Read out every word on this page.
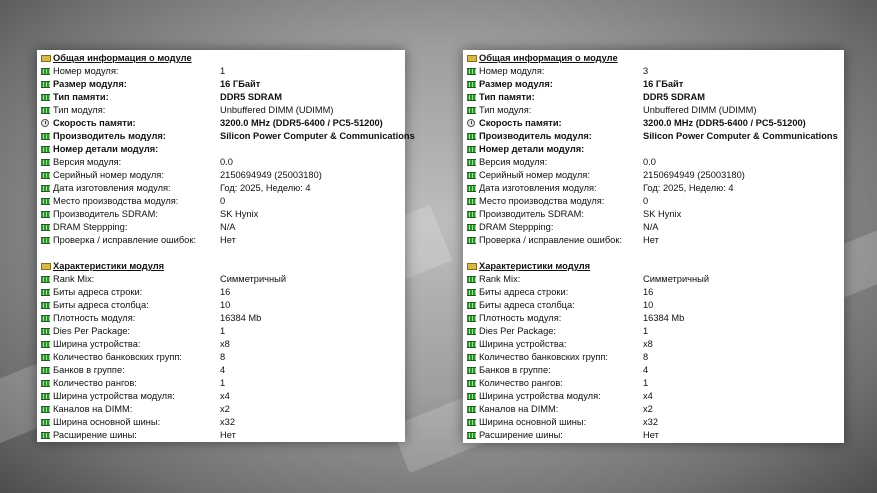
Общая информация о модуле
Номер модуля:	1
Размер модуля:	16 ГБайт
Тип памяти:	DDR5 SDRAM
Тип модуля:	Unbuffered DIMM (UDIMM)
Скорость памяти:	3200.0 MHz (DDR5-6400 / PC5-51200)
Производитель модуля:	Silicon Power Computer & Communications
Номер детали модуля:
Версия модуля:	0.0
Серийный номер модуля:	2150694949 (25003180)
Дата изготовления модуля:	Год: 2025, Неделю: 4
Место производства модуля:	0
Производитель SDRAM:	SK Hynix
DRAM Steppping:	N/A
Проверка / исправление ошибок:	Нет
Характеристики модуля
Rank Mix:	Симметричный
Биты адреса строки:	16
Биты адреса столбца:	10
Плотность модуля:	16384 Mb
Dies Per Package:	1
Ширина устройства:	x8
Количество банковских групп:	8
Банков в группе:	4
Количество рангов:	1
Ширина устройства модуля:	x4
Каналов на DIMM:	x2
Ширина основной шины:	x32
Расширение шины:	Нет
Общая информация о модуле
Номер модуля:	3
Размер модуля:	16 ГБайт
Тип памяти:	DDR5 SDRAM
Тип модуля:	Unbuffered DIMM (UDIMM)
Скорость памяти:	3200.0 MHz (DDR5-6400 / PC5-51200)
Производитель модуля:	Silicon Power Computer & Communications
Номер детали модуля:
Версия модуля:	0.0
Серийный номер модуля:	2150694949 (25003180)
Дата изготовления модуля:	Год: 2025, Неделю: 4
Место производства модуля:	0
Производитель SDRAM:	SK Hynix
DRAM Steppping:	N/A
Проверка / исправление ошибок: Нет
Характеристики модуля
Rank Mix:	Симметричный
Биты адреса строки:	16
Биты адреса столбца:	10
Плотность модуля:	16384 Mb
Dies Per Package:	1
Ширина устройства:	x8
Количество банковских групп:	8
Банков в группе:	4
Количество рангов:	1
Ширина устройства модуля:	x4
Каналов на DIMM:	x2
Ширина основной шины:	x32
Расширение шины:	Нет
